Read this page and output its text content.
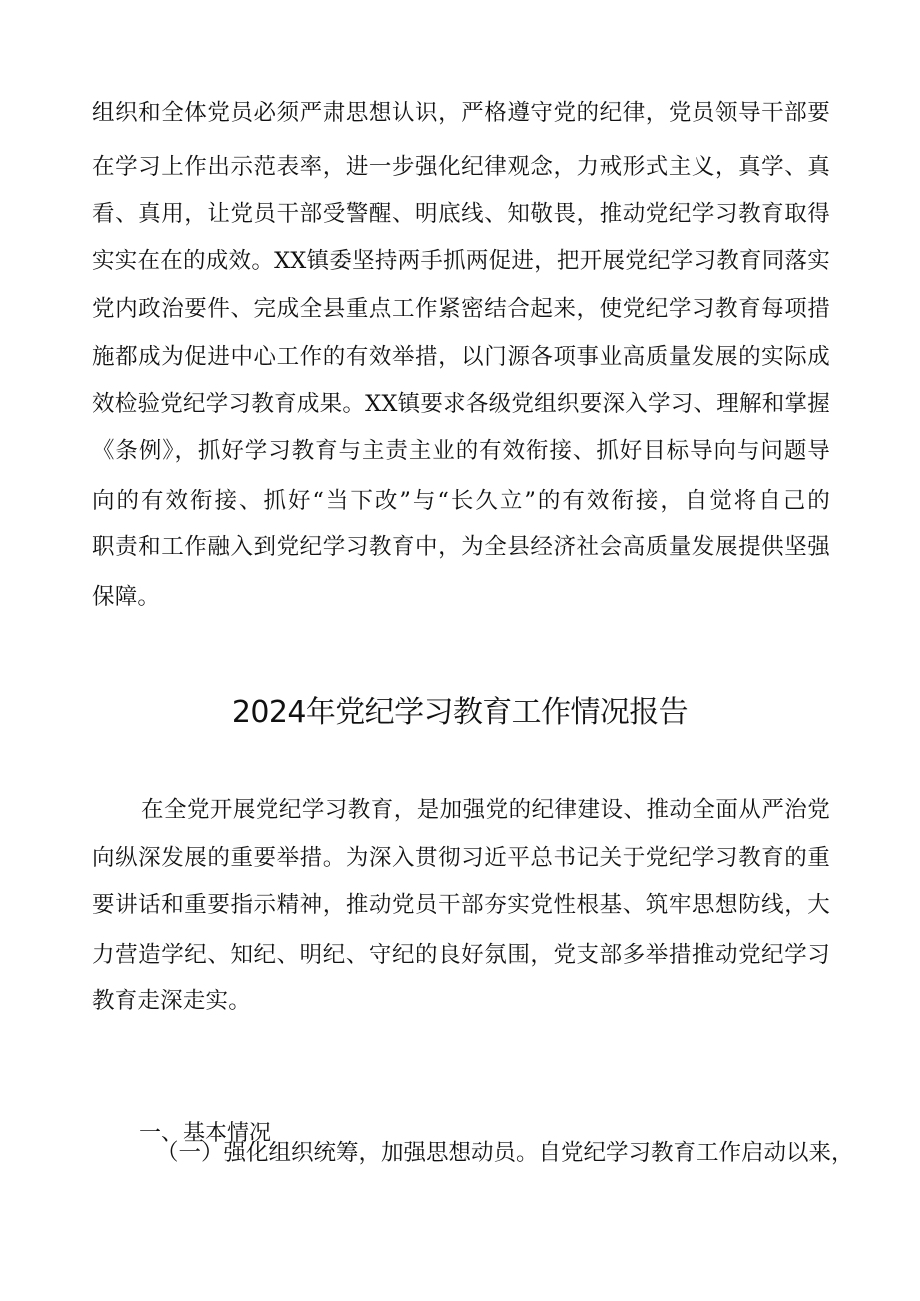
组织和全体党员必须严肃思想认识，严格遵守党的纪律，党员领导干部要
在学习上作出示范表率，进一步强化纪律观念，力戒形式主义，真学、真
看、真用，让党员干部受警醒、明底线、知敬畏，推动党纪学习教育取得
实实在在的成效。XX镇委坚持两手抓两促进，把开展党纪学习教育同落实
党内政治要件、完成全县重点工作紧密结合起来，使党纪学习教育每项措
施都成为促进中心工作的有效举措，以门源各项事业高质量发展的实际成
效检验党纪学习教育成果。XX镇要求各级党组织要深入学习、理解和掌握
《条例》，抓好学习教育与主责主业的有效衔接、抓好目标导向与问题导
向的有效衔接、抓好“当下改”与“长久立”的有效衔接，自觉将自己的
职责和工作融入到党纪学习教育中，为全县经济社会高质量发展提供坚强
保障。
2024年党纪学习教育工作情况报告
在全党开展党纪学习教育，是加强党的纪律建设、推动全面从严治党
向纵深发展的重要举措。为深入贯彻习近平总书记关于党纪学习教育的重
要讲话和重要指示精神，推动党员干部夯实党性根基、筑牢思想防线，大
力营造学纪、知纪、明纪、守纪的良好氛围，党支部多举措推动党纪学习
教育走深走实。
一、基本情况
（一）强化组织统筹，加强思想动员。自党纪学习教育工作启动以来，
